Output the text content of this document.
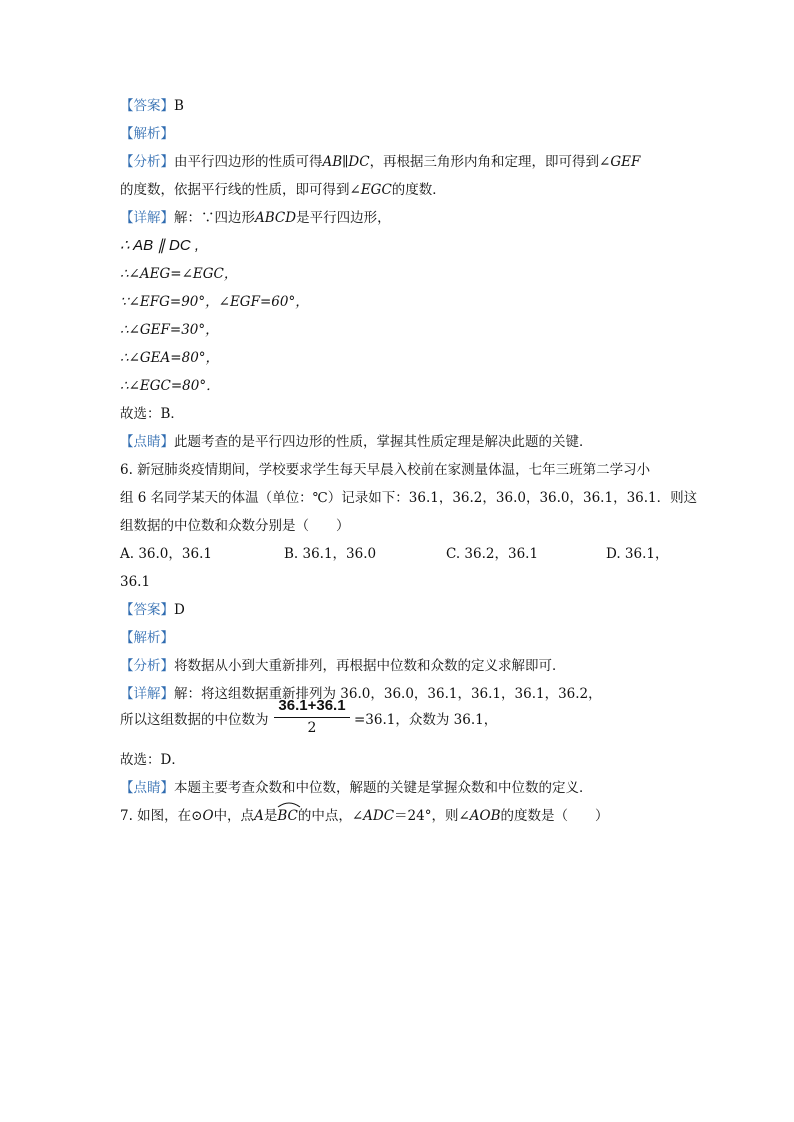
【答案】B
【解析】
【分析】由平行四边形的性质可得AB∥DC，再根据三角形内角和定理，即可得到∠GEF
的度数，依据平行线的性质，即可得到∠EGC的度数．
【详解】解：∵四边形ABCD是平行四边形，
∴ AB ∥ DC ,
∴∠AEG=∠EGC，
∵∠EFG=90°，∠EGF=60°，
∴∠GEF=30°，
∴∠GEA=80°，
∴∠EGC=80°．
故选：B．
【点睛】此题考查的是平行四边形的性质，掌握其性质定理是解决此题的关键．
6. 新冠肺炎疫情期间，学校要求学生每天早晨入校前在家测量体温，七年三班第二学习小
组 6 名同学某天的体温（单位：℃）记录如下：36.1，36.2，36.0，36.0，36.1，36.1．则这
组数据的中位数和众数分别是（　　）
A. 36.0，36.1	B. 36.1，36.0	C. 36.2，36.1	D. 36.1，
36.1
【答案】D
【解析】
【分析】将数据从小到大重新排列，再根据中位数和众数的定义求解即可．
【详解】解：将这组数据重新排列为 36.0，36.0，36.1，36.1，36.1，36.2，
所以这组数据的中位数为
36.1+36.1
2	=36.1，众数为 36.1，
故选：D．
【点睛】本题主要考查众数和中位数，解题的关键是掌握众数和中位数的定义．
7. 如图，在⊙O中，点A是
BC的中点，∠ADC＝24°，则∠AOB的度数是（　　）
